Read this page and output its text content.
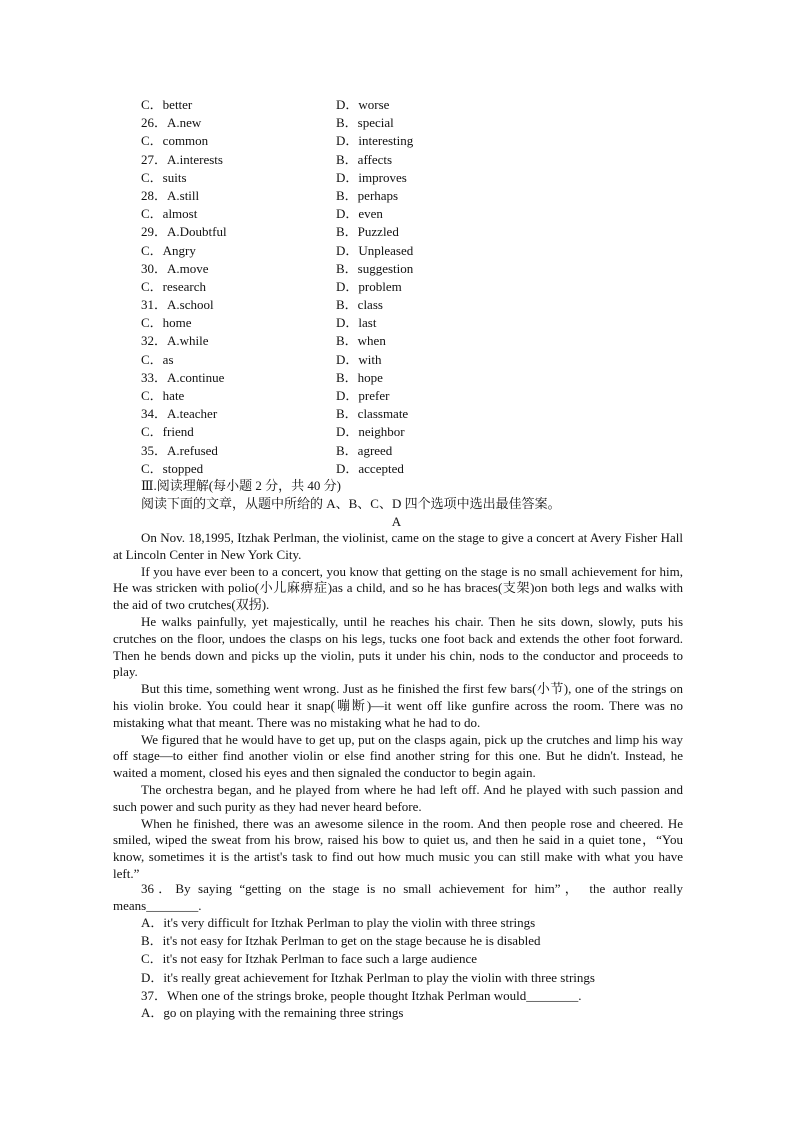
C．better	D．worse
26．A.new	B．special
C．common	D．interesting
27．A.interests	B．affects
C．suits	D．improves
28．A.still	B．perhaps
C．almost	D．even
29．A.Doubtful	B．Puzzled
C．Angry	D．Unpleased
30．A.move	B．suggestion
C．research	D．problem
31．A.school	B．class
C．home	D．last
32．A.while	B．when
C．as	D．with
33．A.continue	B．hope
C．hate	D．prefer
34．A.teacher	B．classmate
C．friend	D．neighbor
35．A.refused	B．agreed
C．stopped	D．accepted
Ⅲ.阅读理解(每小题 2 分，共 40 分)
阅读下面的文章，从题中所给的 A、B、C、D 四个选项中选出最佳答案。
A

On Nov. 18,1995, Itzhak Perlman, the violinist, came on the stage to give a concert at Avery Fisher Hall at Lincoln Center in New York City.

If you have ever been to a concert, you know that getting on the stage is no small achievement for him, He was stricken with polio(小儿麻痹症)as a child, and so he has braces(支架)on both legs and walks with the aid of two crutches(双拐).

He walks painfully, yet majestically, until he reaches his chair. Then he sits down, slowly, puts his crutches on the floor, undoes the clasps on his legs, tucks one foot back and extends the other foot forward. Then he bends down and picks up the violin, puts it under his chin, nods to the conductor and proceeds to play.

But this time, something went wrong. Just as he finished the first few bars(小节), one of the strings on his violin broke. You could hear it snap(嘣断)—it went off like gunfire across the room. There was no mistaking what that meant. There was no mistaking what he had to do.

We figured that he would have to get up, put on the clasps again, pick up the crutches and limp his way off stage—to either find another violin or else find another string for this one. But he didn't. Instead, he waited a moment, closed his eyes and then signaled the conductor to begin again.

The orchestra began, and he played from where he had left off. And he played with such passion and such power and such purity as they had never heard before.

When he finished, there was an awesome silence in the room. And then people rose and cheered. He smiled, wiped the sweat from his brow, raised his bow to quiet us, and then he said in a quiet tone，“You know, sometimes it is the artist's task to find out how much music you can still make with what you have left.”

36．By saying “getting on the stage is no small achievement for him”， the author really means________.
A．it's very difficult for Itzhak Perlman to play the violin with three strings
B．it's not easy for Itzhak Perlman to get on the stage because he is disabled
C．it's not easy for Itzhak Perlman to face such a large audience
D．it's really great achievement for Itzhak Perlman to play the violin with three strings
37．When one of the strings broke, people thought Itzhak Perlman would________.
A．go on playing with the remaining three strings
